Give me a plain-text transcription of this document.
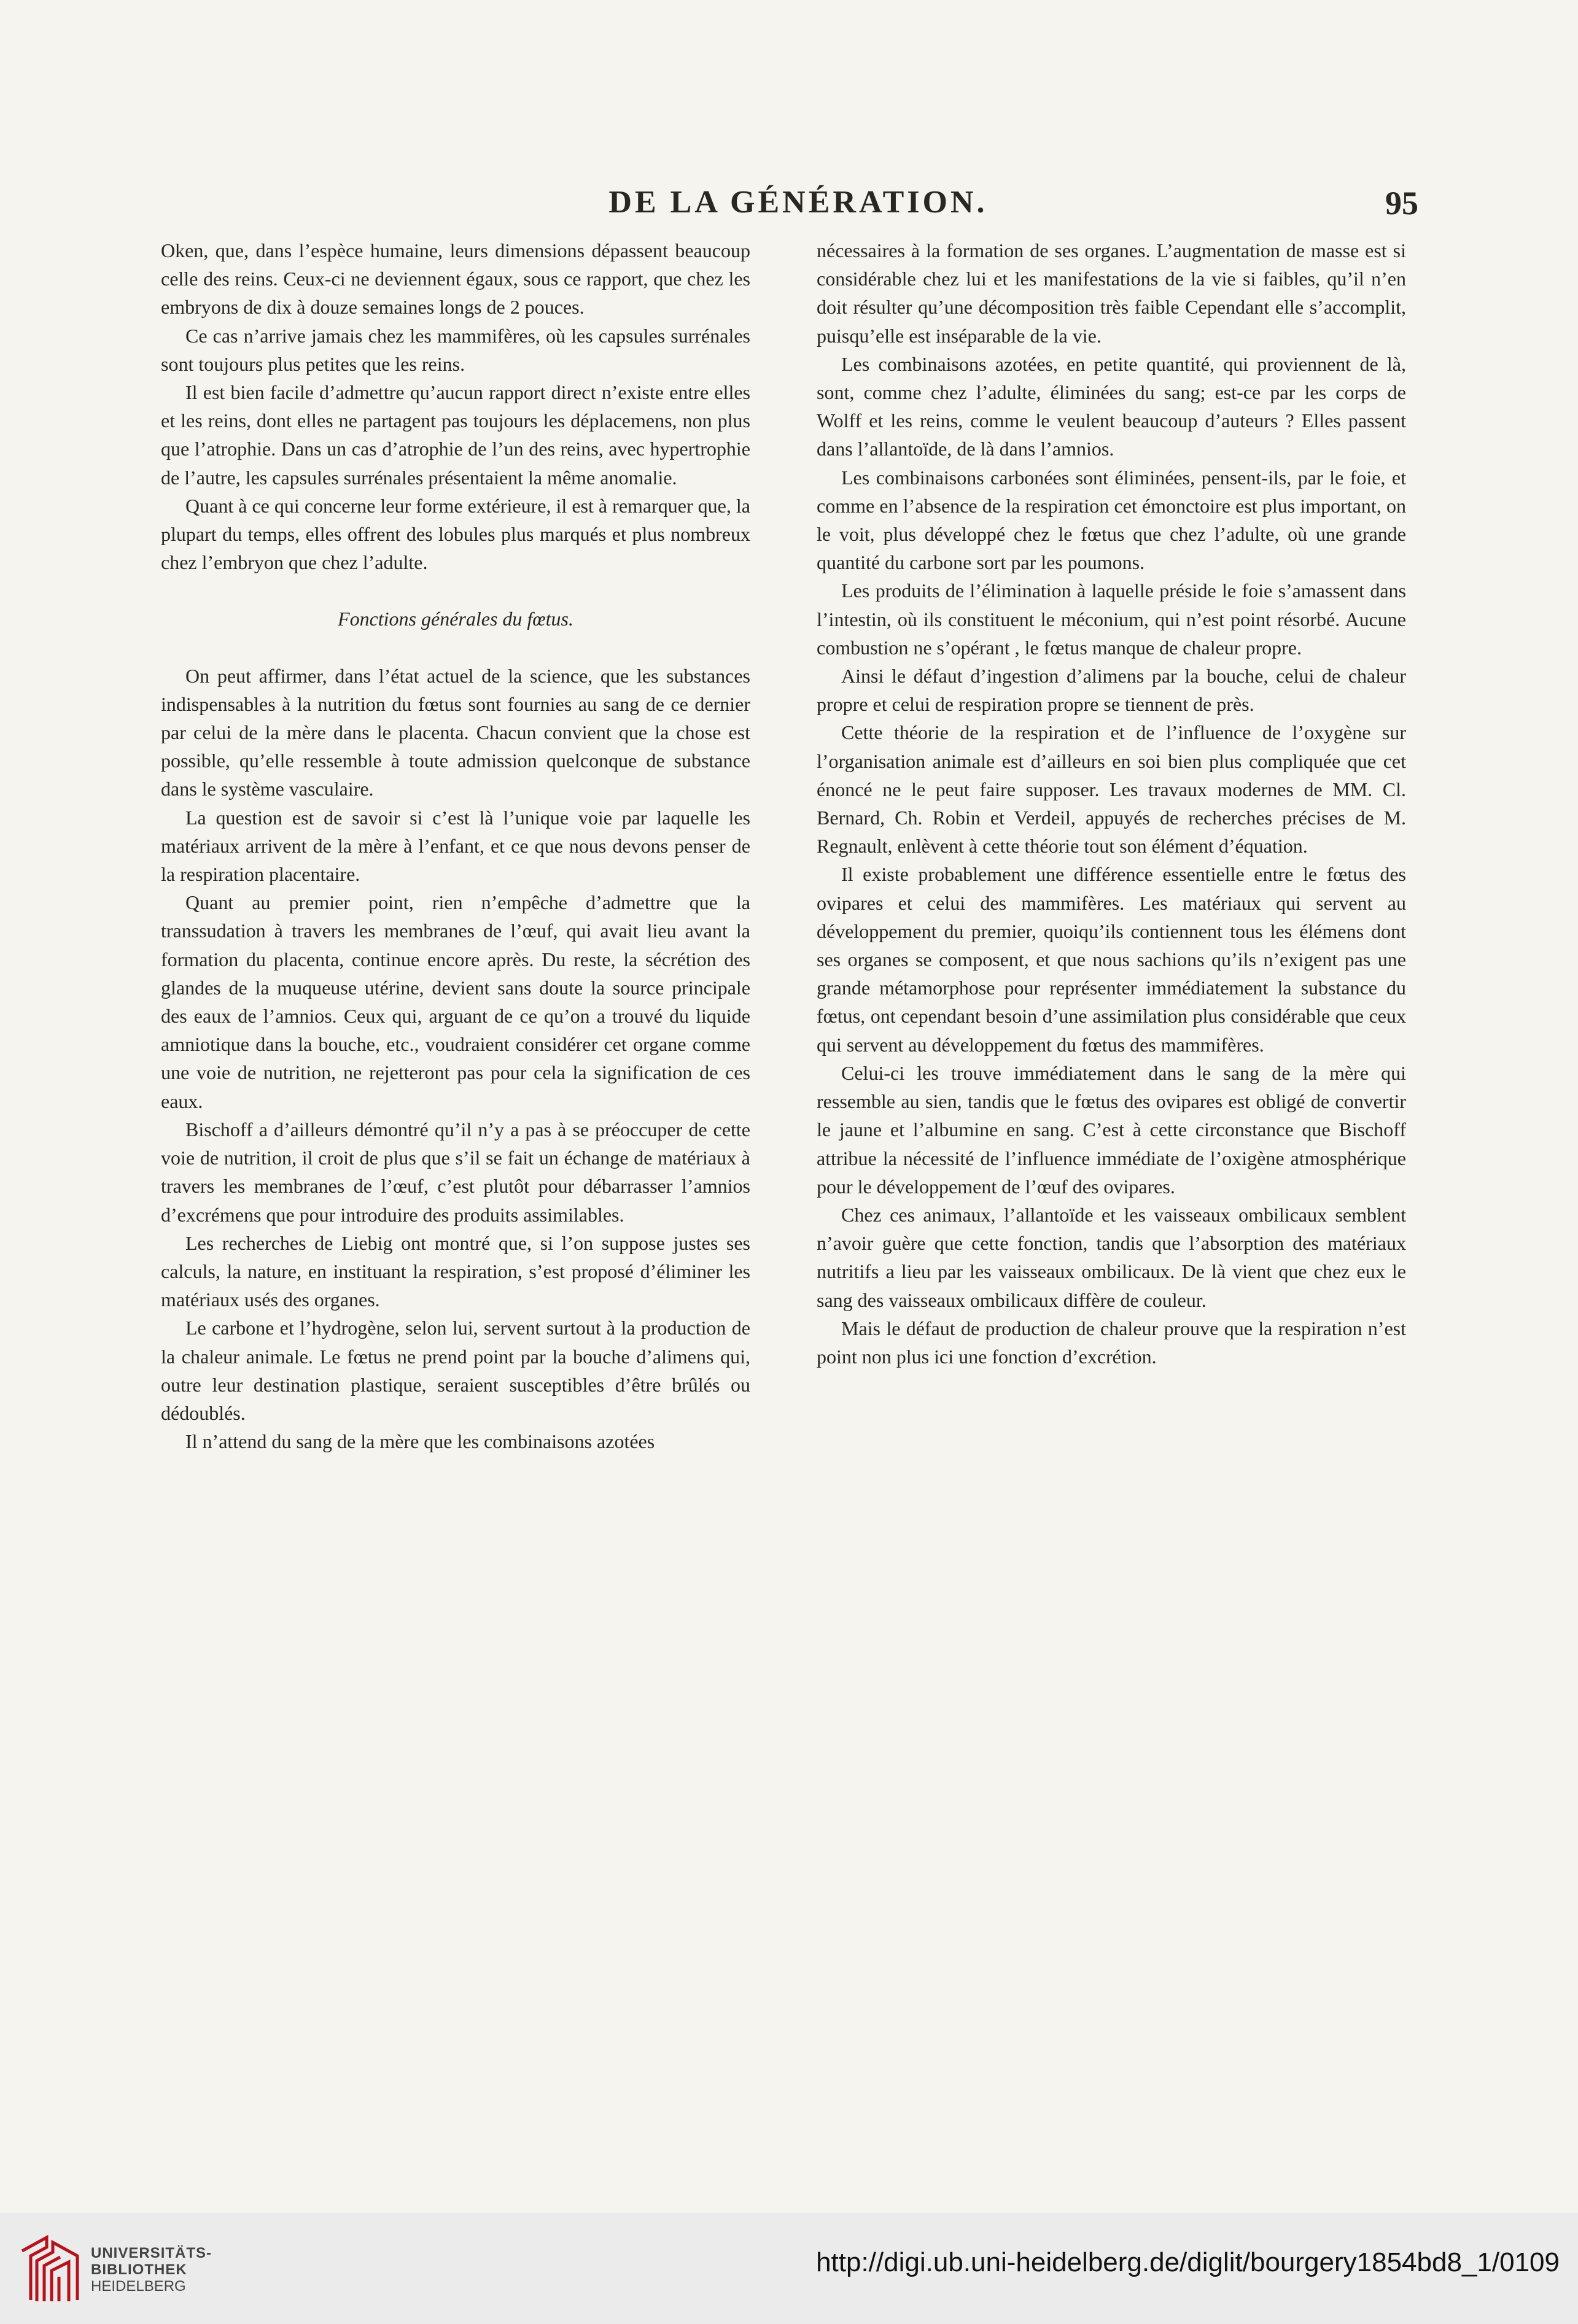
DE LA GÉNÉRATION.	95

Oken, que, dans l’espèce humaine, leurs dimensions dépassent beaucoup celle des reins. Ceux-ci ne deviennent égaux, sous ce rapport, que chez les embryons de dix à douze semaines longs de 2 pouces.

Ce cas n’arrive jamais chez les mammifères, où les capsules surrénales sont toujours plus petites que les reins.

Il est bien facile d’admettre qu’aucun rapport direct n’existe entre elles et les reins, dont elles ne partagent pas toujours les déplacemens, non plus que l’atrophie. Dans un cas d’atrophie de l’un des reins, avec hypertrophie de l’autre, les capsules surrénales présentaient la même anomalie.

Quant à ce qui concerne leur forme extérieure, il est à remarquer que, la plupart du temps, elles offrent des lobules plus marqués et plus nombreux chez l’embryon que chez l’adulte.

Fonctions générales du fœtus.

On peut affirmer, dans l’état actuel de la science, que les substances indispensables à la nutrition du fœtus sont fournies au sang de ce dernier par celui de la mère dans le placenta. Chacun convient que la chose est possible, qu’elle ressemble à toute admission quelconque de substance dans le système vasculaire.

La question est de savoir si c’est là l’unique voie par laquelle les matériaux arrivent de la mère à l’enfant, et ce que nous devons penser de la respiration placentaire.

Quant au premier point, rien n’empêche d’admettre que la transsudation à travers les membranes de l’œuf, qui avait lieu avant la formation du placenta, continue encore après. Du reste, la sécrétion des glandes de la muqueuse utérine, devient sans doute la source principale des eaux de l’amnios. Ceux qui, arguant de ce qu’on a trouvé du liquide amniotique dans la bouche, etc., voudraient considérer cet organe comme une voie de nutrition, ne rejetteront pas pour cela la signification de ces eaux.

Bischoff a d’ailleurs démontré qu’il n’y a pas à se préoccuper de cette voie de nutrition, il croit de plus que s’il se fait un échange de matériaux à travers les membranes de l’œuf, c’est plutôt pour débarrasser l’amnios d’excrémens que pour introduire des produits assimilables.

Les recherches de Liebig ont montré que, si l’on suppose justes ses calculs, la nature, en instituant la respiration, s’est proposé d’éliminer les matériaux usés des organes.

Le carbone et l’hydrogène, selon lui, servent surtout à la production de la chaleur animale. Le fœtus ne prend point par la bouche d’alimens qui, outre leur destination plastique, seraient susceptibles d’être brûlés ou dédoublés.

Il n’attend du sang de la mère que les combinaisons azotées

nécessaires à la formation de ses organes. L’augmentation de masse est si considérable chez lui et les manifestations de la vie si faibles, qu’il n’en doit résulter qu’une décomposition très faible Cependant elle s’accomplit, puisqu’elle est inséparable de la vie.

Les combinaisons azotées, en petite quantité, qui proviennent de là, sont, comme chez l’adulte, éliminées du sang; est-ce par les corps de Wolff et les reins, comme le veulent beaucoup d’auteurs ? Elles passent dans l’allantoïde, de là dans l’amnios.

Les combinaisons carbonées sont éliminées, pensent-ils, par le foie, et comme en l’absence de la respiration cet émonctoire est plus important, on le voit, plus développé chez le fœtus que chez l’adulte, où une grande quantité du carbone sort par les poumons.

Les produits de l’élimination à laquelle préside le foie s’amassent dans l’intestin, où ils constituent le méconium, qui n’est point résorbé. Aucune combustion ne s’opérant , le fœtus manque de chaleur propre.

Ainsi le défaut d’ingestion d’alimens par la bouche, celui de chaleur propre et celui de respiration propre se tiennent de près.

Cette théorie de la respiration et de l’influence de l’oxygène sur l’organisation animale est d’ailleurs en soi bien plus compliquée que cet énoncé ne le peut faire supposer. Les travaux modernes de MM. Cl. Bernard, Ch. Robin et Verdeil, appuyés de recherches précises de M. Regnault, enlèvent à cette théorie tout son élément d’équation.

Il existe probablement une différence essentielle entre le fœtus des ovipares et celui des mammifères. Les matériaux qui servent au développement du premier, quoiqu’ils contiennent tous les élémens dont ses organes se composent, et que nous sachions qu’ils n’exigent pas une grande métamorphose pour représenter immédiatement la substance du fœtus, ont cependant besoin d’une assimilation plus considérable que ceux qui servent au développement du fœtus des mammifères.

Celui-ci les trouve immédiatement dans le sang de la mère qui ressemble au sien, tandis que le fœtus des ovipares est obligé de convertir le jaune et l’albumine en sang. C’est à cette circonstance que Bischoff attribue la nécessité de l’influence immédiate de l’oxigène atmosphérique pour le développement de l’œuf des ovipares.

Chez ces animaux, l’allantoïde et les vaisseaux ombilicaux semblent n’avoir guère que cette fonction, tandis que l’absorption des matériaux nutritifs a lieu par les vaisseaux ombilicaux. De là vient que chez eux le sang des vaisseaux ombilicaux diffère de couleur.

Mais le défaut de production de chaleur prouve que la respiration n’est point non plus ici une fonction d’excrétion.

UNIVERSITÄTS-
BIBLIOTHEK
HEIDELBERG
http://digi.ub.uni-heidelberg.de/diglit/bourgery1854bd8_1/0109
